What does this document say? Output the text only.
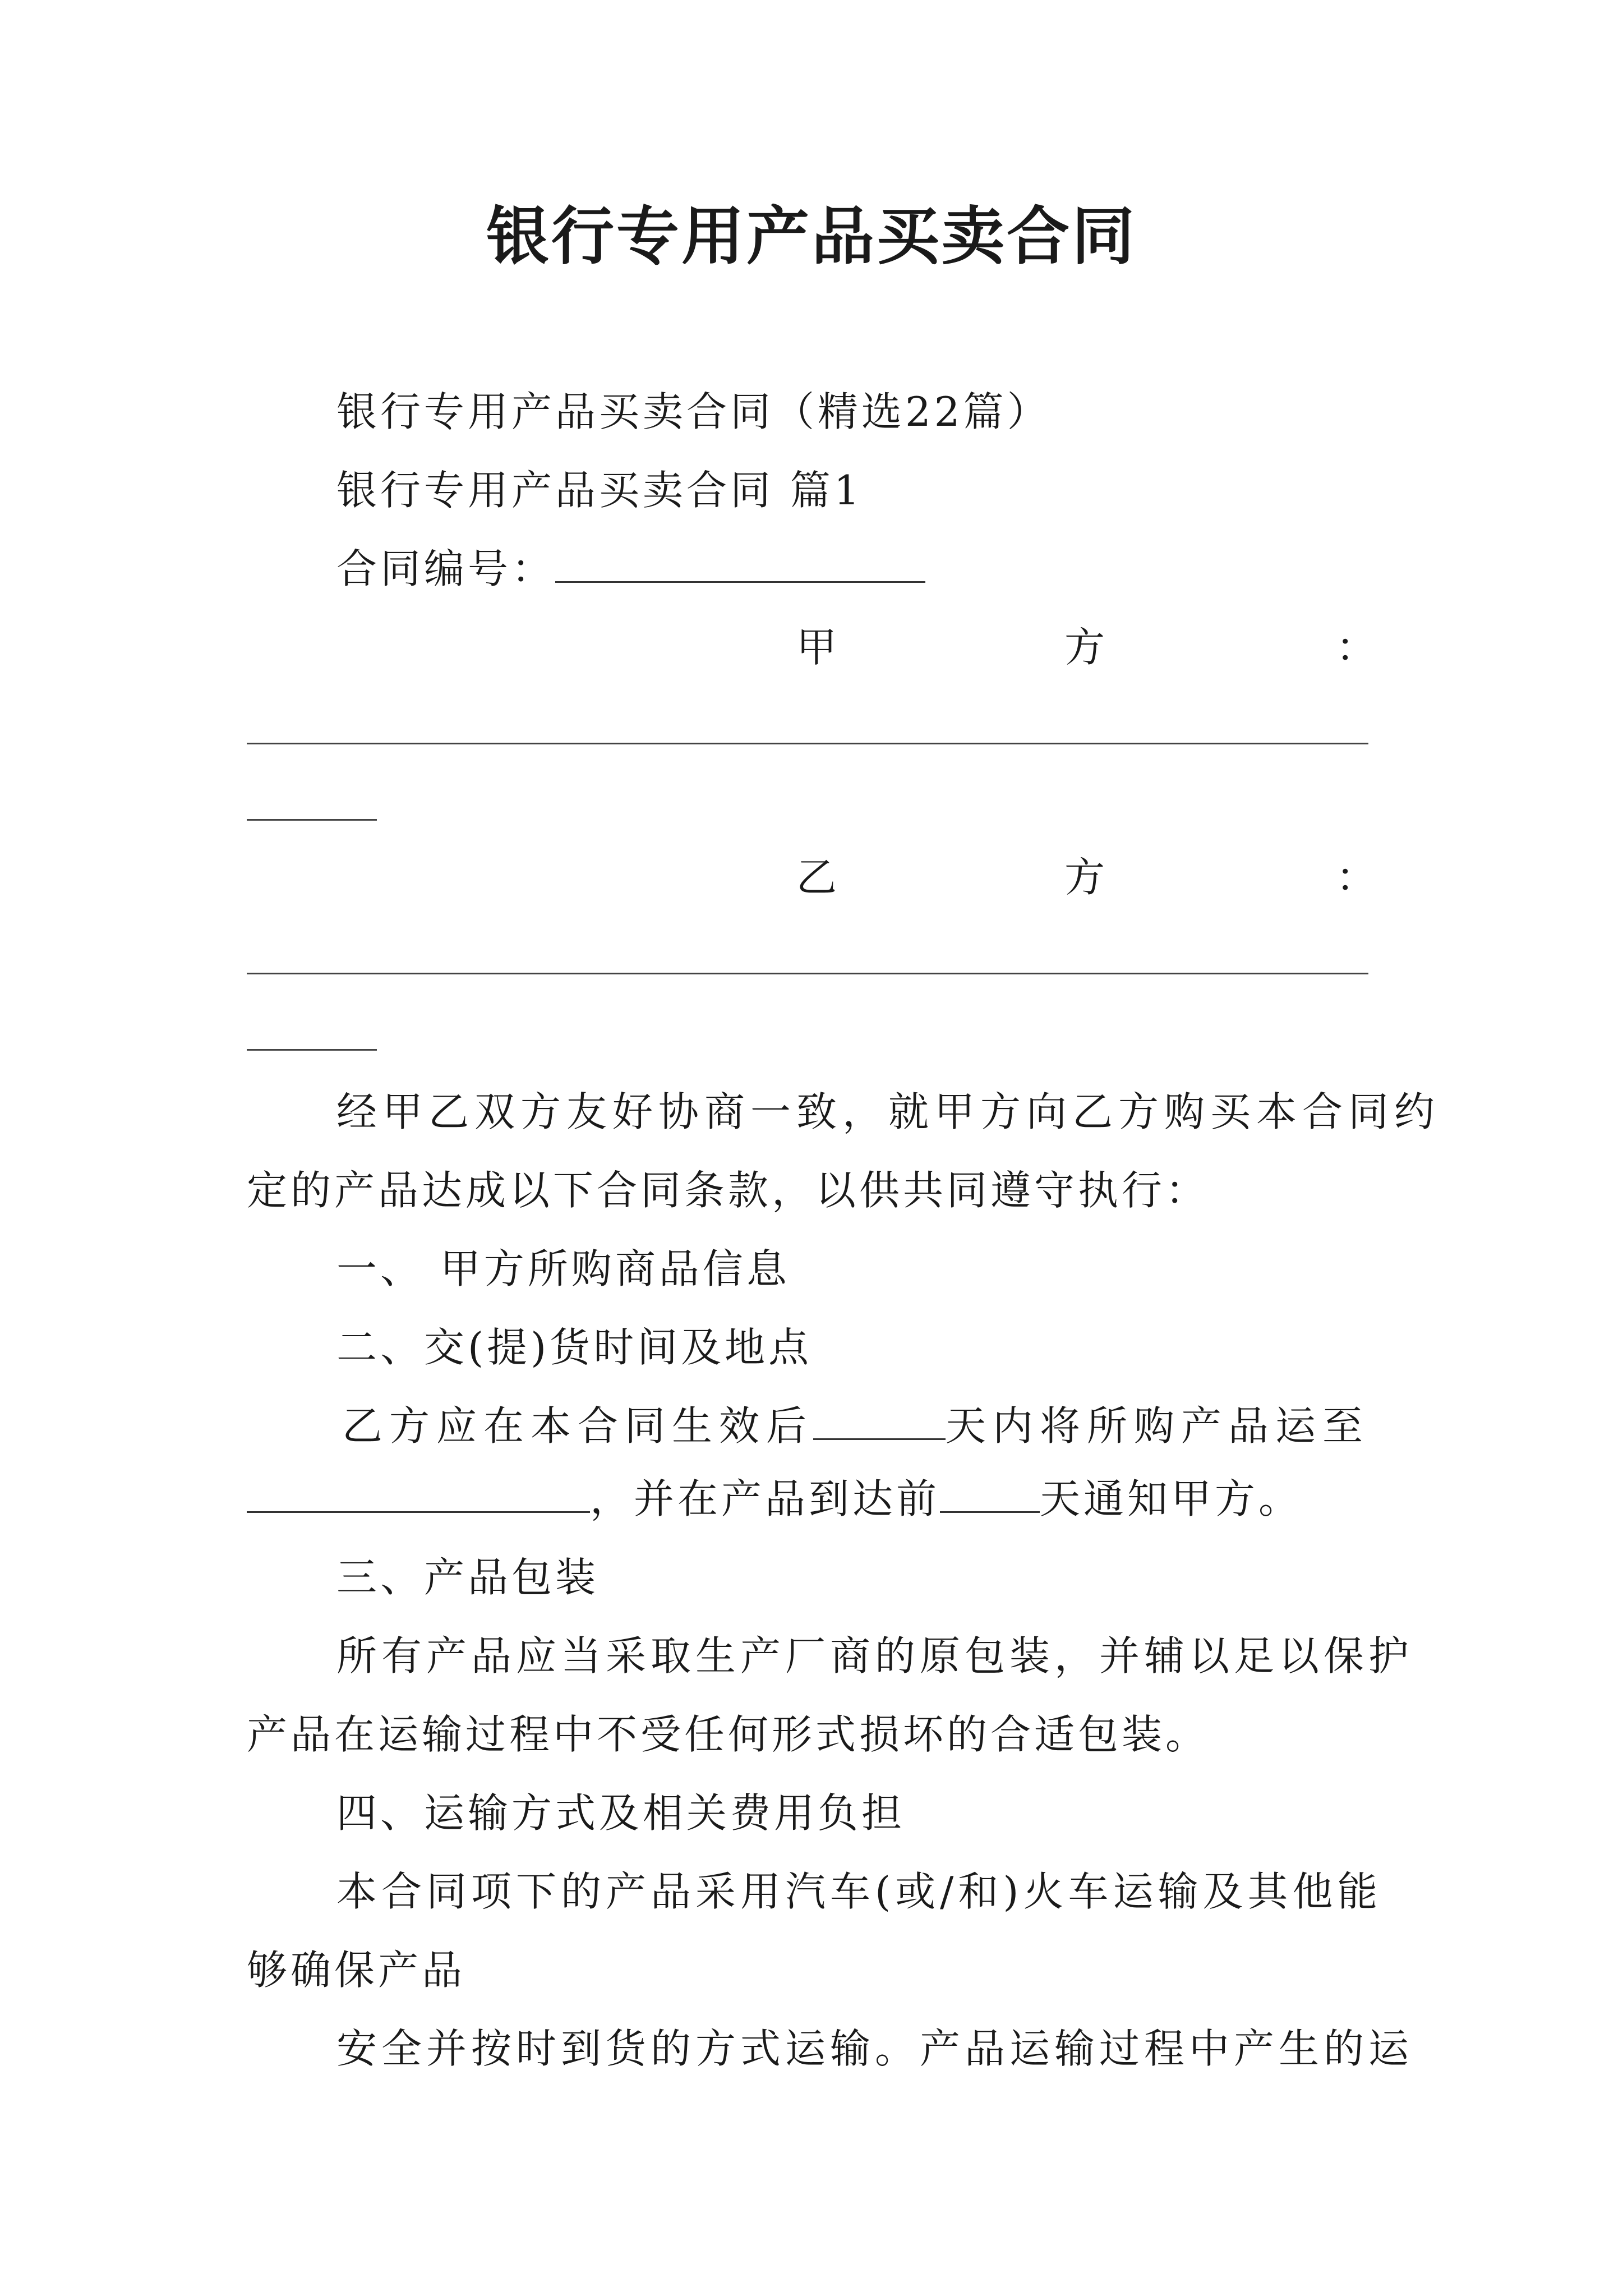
银行专用产品买卖合同
银行专用产品买卖合同（精选22篇）
银行专用产品买卖合同 篇1
合同编号：
甲	方	：
乙	方	：
经甲乙双方友好协商一致，就甲方向乙方购买本合同约
定的产品达成以下合同条款，以供共同遵守执行：
一、 甲方所购商品信息
二、交(提)货时间及地点
乙方应在本合同生效后	天内将所购产品运至
，并在产品到达前 天通知甲方。
三、产品包装
所有产品应当采取生产厂商的原包装，并辅以足以保护
产品在运输过程中不受任何形式损坏的合适包装。
四、运输方式及相关费用负担
本合同项下的产品采用汽车(或/和)火车运输及其他能
够确保产品
安全并按时到货的方式运输。产品运输过程中产生的运
